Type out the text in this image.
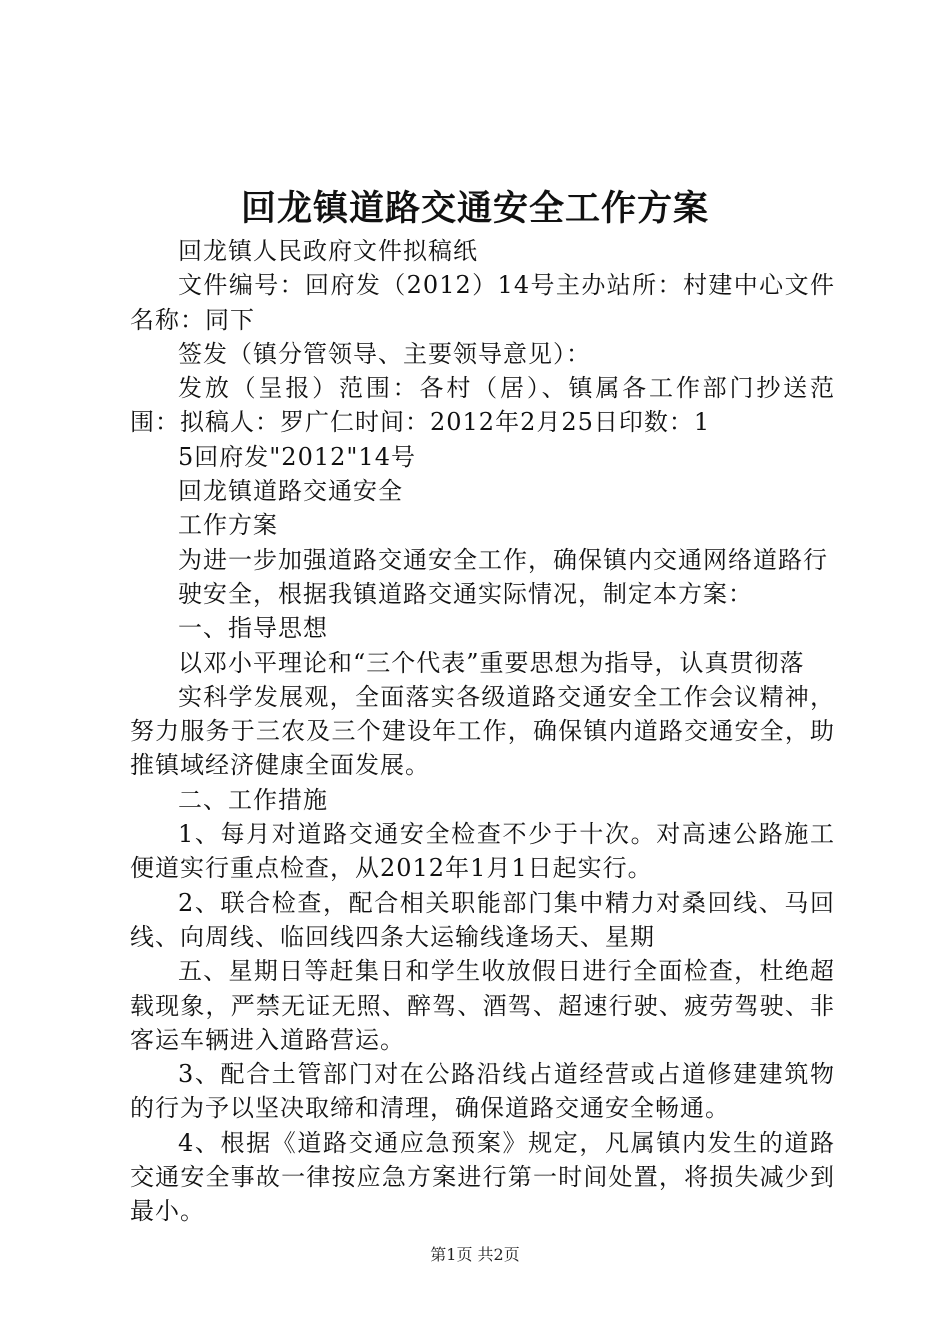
回龙镇道路交通安全工作方案

回龙镇人民政府文件拟稿纸

文件编号：回府发（2012）14号主办站所：村建中心文件名称：同下

签发（镇分管领导、主要领导意见）：

发放（呈报）范围：各村（居）、镇属各工作部门抄送范围：拟稿人：罗广仁时间：2012年2月25日印数：1

5回府发"2012"14号

回龙镇道路交通安全

工作方案

为进一步加强道路交通安全工作，确保镇内交通网络道路行

驶安全，根据我镇道路交通实际情况，制定本方案：

一、指导思想

以邓小平理论和“三个代表”重要思想为指导，认真贯彻落

实科学发展观，全面落实各级道路交通安全工作会议精神，努力服务于三农及三个建设年工作，确保镇内道路交通安全，助推镇域经济健康全面发展。

二、工作措施

1、每月对道路交通安全检查不少于十次。对高速公路施工便道实行重点检查，从2012年1月1日起实行。

2、联合检查，配合相关职能部门集中精力对桑回线、马回线、向周线、临回线四条大运输线逢场天、星期

五、星期日等赶集日和学生收放假日进行全面检查，杜绝超载现象，严禁无证无照、醉驾、酒驾、超速行驶、疲劳驾驶、非客运车辆进入道路营运。

3、配合土管部门对在公路沿线占道经营或占道修建建筑物的行为予以坚决取缔和清理，确保道路交通安全畅通。

4、根据《道路交通应急预案》规定，凡属镇内发生的道路交通安全事故一律按应急方案进行第一时间处置，将损失减少到最小。

第1页 共2页
